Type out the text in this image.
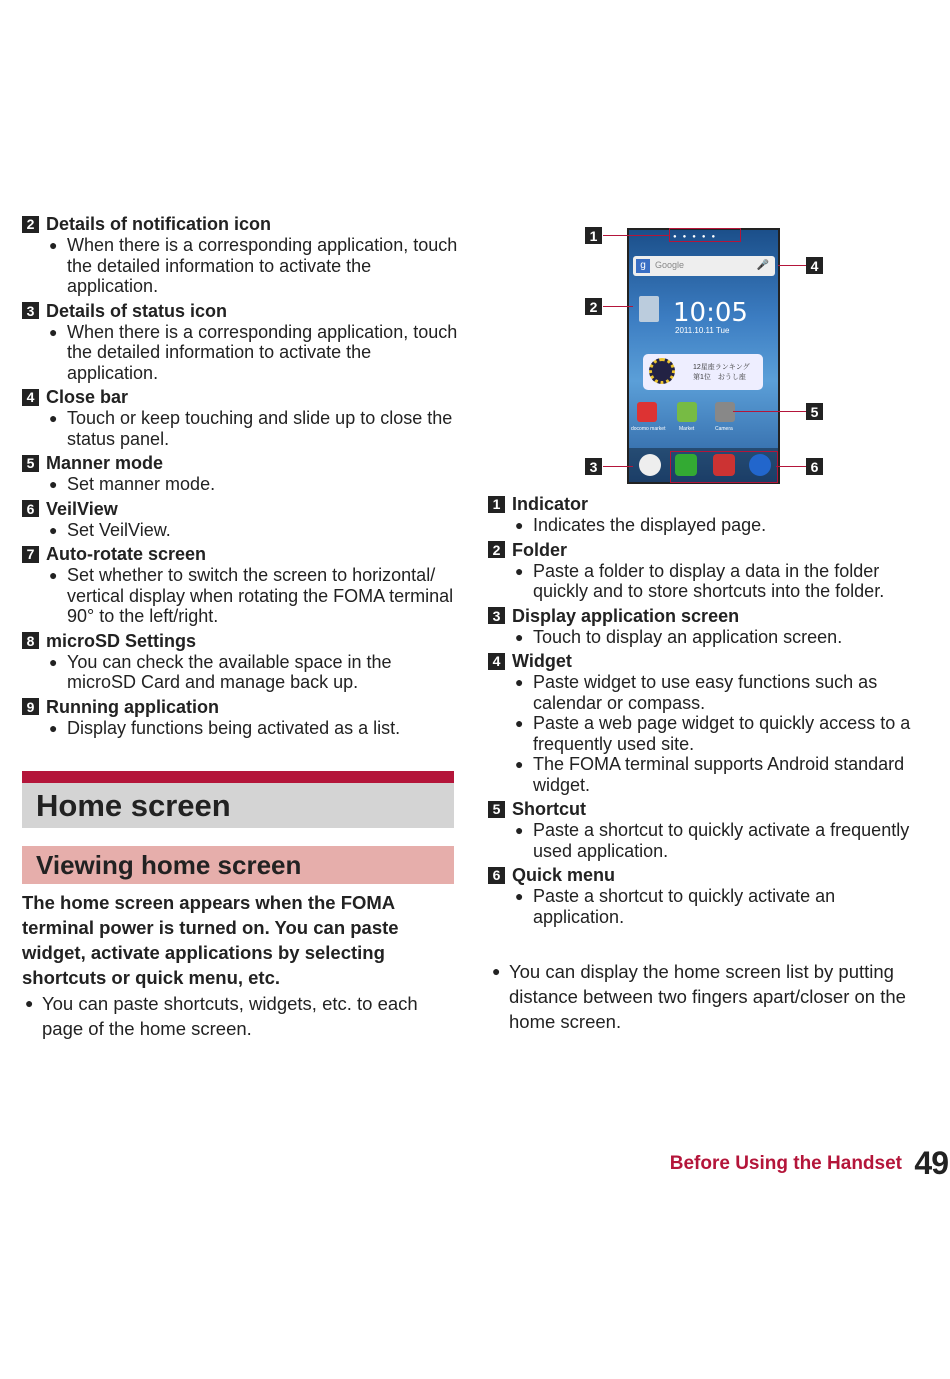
2 Details of notification icon
● When there is a corresponding application, touch the detailed information to activate the application.
3 Details of status icon
● When there is a corresponding application, touch the detailed information to activate the application.
4 Close bar
● Touch or keep touching and slide up to close the status panel.
5 Manner mode
● Set manner mode.
6 VeilView
● Set VeilView.
7 Auto-rotate screen
● Set whether to switch the screen to horizontal/ vertical display when rotating the FOMA terminal 90° to the left/right.
8 microSD Settings
● You can check the available space in the microSD Card and manage back up.
9 Running application
● Display functions being activated as a list.
Home screen
Viewing home screen
The home screen appears when the FOMA terminal power is turned on. You can paste widget, activate applications by selecting shortcuts or quick menu, etc.
● You can paste shortcuts, widgets, etc. to each page of the home screen.
●●●●●
g	Google	🎤
10:05
2011.10.11 Tue
12星座ランキング
第1位　おうし座
docomo market	Market	Camera
1
2
3
4
5
6
1 Indicator
● Indicates the displayed page.
2 Folder
● Paste a folder to display a data in the folder quickly and to store shortcuts into the folder.
3 Display application screen
● Touch to display an application screen.
4 Widget
● Paste widget to use easy functions such as calendar or compass.
● Paste a web page widget to quickly access to a frequently used site.
● The FOMA terminal supports Android standard widget.
5 Shortcut
● Paste a shortcut to quickly activate a frequently used application.
6 Quick menu
● Paste a shortcut to quickly activate an application.
● You can display the home screen list by putting distance between two fingers apart/closer on the home screen.
Before Using the Handset 49
